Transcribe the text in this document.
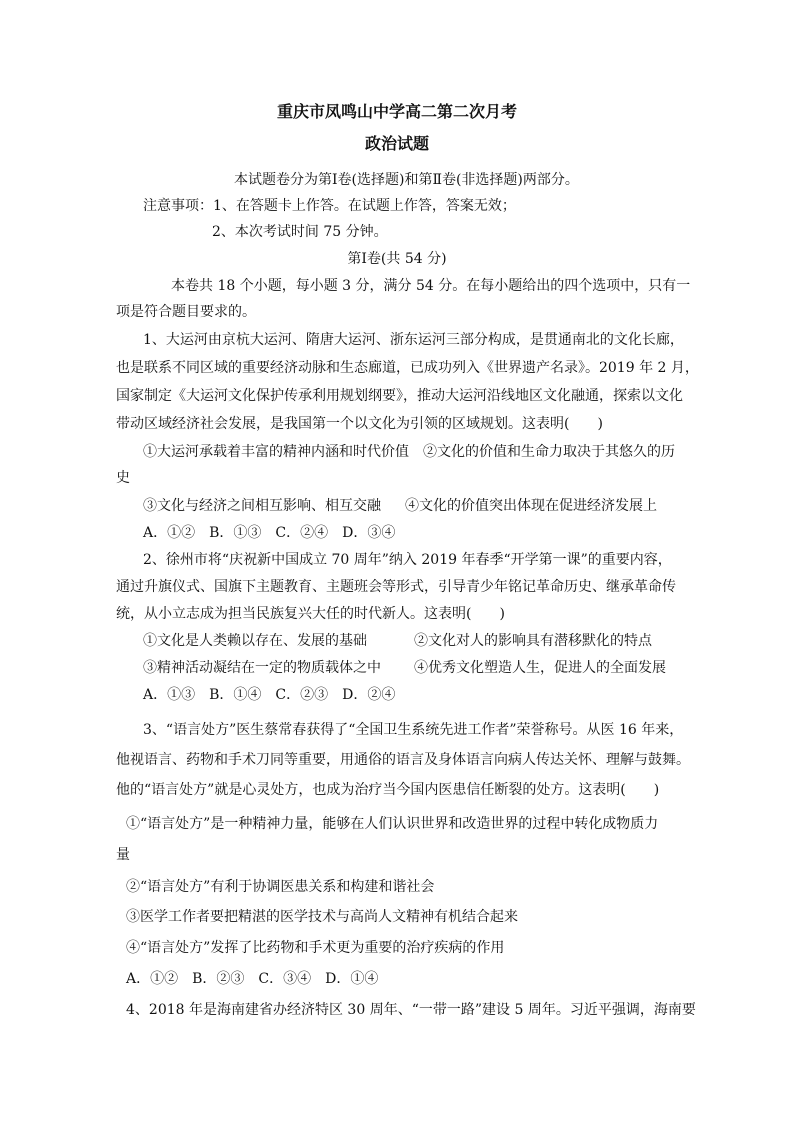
重庆市凤鸣山中学高二第二次月考
政治试题
本试题卷分为第Ⅰ卷(选择题)和第Ⅱ卷(非选择题)两部分。
注意事项：1、在答题卡上作答。在试题上作答，答案无效；
2、本次考试时间 75 分钟。
第Ⅰ卷(共 54 分)
本卷共 18 个小题，每小题 3 分，满分 54 分。在每小题给出的四个选项中，只有一
项是符合题目要求的。
1、大运河由京杭大运河、隋唐大运河、浙东运河三部分构成，是贯通南北的文化长廊，
也是联系不同区域的重要经济动脉和生态廊道，已成功列入《世界遗产名录》。2019 年 2 月，
国家制定《大运河文化保护传承利用规划纲要》，推动大运河沿线地区文化融通，探索以文化
带动区域经济社会发展，是我国第一个以文化为引领的区域规划。这表明(　　)
①大运河承载着丰富的精神内涵和时代价值　②文化的价值和生命力取决于其悠久的历
史
③文化与经济之间相互影响、相互交融 ④文化的价值突出体现在促进经济发展上
A．①②　B．①③　C．②④　D．③④
2、徐州市将“庆祝新中国成立 70 周年”纳入 2019 年春季“开学第一课”的重要内容，
通过升旗仪式、国旗下主题教育、主题班会等形式，引导青少年铭记革命历史、继承革命传
统，从小立志成为担当民族复兴大任的时代新人。这表明(　　)
①文化是人类赖以存在、发展的基础	②文化对人的影响具有潜移默化的特点
③精神活动凝结在一定的物质载体之中 ④优秀文化塑造人生，促进人的全面发展
A．①③　B．①④　C．②③　D．②④
3、“语言处方”医生蔡常春获得了“全国卫生系统先进工作者”荣誉称号。从医 16 年来，
他视语言、药物和手术刀同等重要，用通俗的语言及身体语言向病人传达关怀、理解与鼓舞。
他的“语言处方”就是心灵处方，也成为治疗当今国内医患信任断裂的处方。这表明(　　)
①“语言处方”是一种精神力量，能够在人们认识世界和改造世界的过程中转化成物质力
量
②“语言处方”有利于协调医患关系和构建和谐社会
③医学工作者要把精湛的医学技术与高尚人文精神有机结合起来
④“语言处方”发挥了比药物和手术更为重要的治疗疾病的作用
A．①②　B．②③　C．③④　D．①④
4、2018 年是海南建省办经济特区 30 周年、“一带一路”建设 5 周年。习近平强调，海南要
